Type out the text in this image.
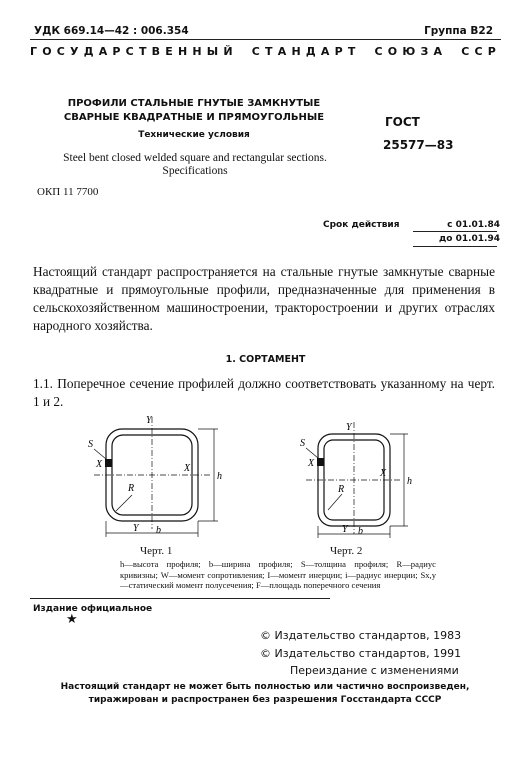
УДК 669.14—42 : 006.354	Группа В22
ГОСУДАРСТВЕННЫЙ СТАНДАРТ СОЮЗА ССР
ПРОФИЛИ СТАЛЬНЫЕ ГНУТЫЕ ЗАМКНУТЫЕ
СВАРНЫЕ КВАДРАТНЫЕ И ПРЯМОУГОЛЬНЫЕ
Технические условия
Steel bent closed welded square and rectangular sections.
Specifications
ОКП 11 7700
ГОСТ
25577—83
Срок действия	с 01.01.84
до 01.01.94
Настоящий стандарт распространяется на стальные гнутые замкнутые сварные квадратные и прямоугольные профили, предназначенные для применения в сельскохозяйственном машиностроении, тракторостроении и других отраслях народного хозяйства.
1. СОРТАМЕНТ
1.1. Поперечное сечение профилей должно соответствовать указанному на черт. 1 и 2.
S
X	X
Y
Y
R
b
h
S
X
X
Y
Y
R
b
h
Черт. 1	Черт. 2
h—высота профиля; b—ширина профиля; S—толщина профиля; R—радиус кривизны; W—момент сопротивления; I—момент инерции; i—радиус инерции; Sx,y—статический момент полусечения; F—площадь поперечного сечения
Издание официальное
★
© Издательство стандартов, 1983
© Издательство стандартов, 1991
Переиздание с изменениями
Настоящий стандарт не может быть полностью или частично воспроизведен,
тиражирован и распространен без разрешения Госстандарта СССР
